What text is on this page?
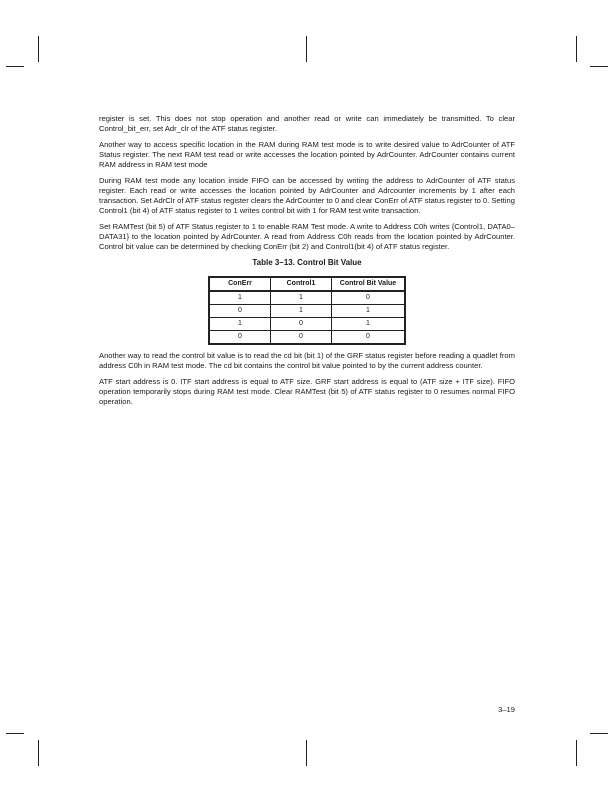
register is set. This does not stop operation and another read or write can immediately be transmitted. To clear Control_bit_err, set Adr_clr of the ATF status register.

Another way to access specific location in the RAM during RAM test mode is to write desired value to AdrCounter of ATF Status register. The next RAM test read or write accesses the location pointed by AdrCounter. AdrCounter contains current RAM address in RAM test mode

During RAM test mode any location inside FIFO can be accessed by writing the address to AdrCounter of ATF status register. Each read or write accesses the location pointed by AdrCounter and Adrcounter increments by 1 after each transaction. Set AdrClr of ATF status register clears the AdrCounter to 0 and clear ConErr of ATF status register to 0. Setting Control1 (bit 4) of ATF status register to 1 writes control bit with 1 for RAM test write transaction.

Set RAMTest (bit 5) of ATF Status register to 1 to enable RAM Test mode. A write to Address C0h writes {Control1, DATA0–DATA31} to the location pointed by AdrCounter. A read from Address C0h reads from the location pointed by AdrCounter. Control bit value can be determined by checking ConErr (bit 2) and Control1(bit 4) of ATF status register.

Table 3–13. Control Bit Value
ConErr	Control1	Control Bit Value
1	1	0
0	1	1
1	0	1
0	0	0

Another way to read the control bit value is to read the cd bit (bit 1) of the GRF status register before reading a quadlet from address C0h in RAM test mode. The cd bit contains the control bit value pointed to by the current address counter.

ATF start address is 0. ITF start address is equal to ATF size. GRF start address is equal to (ATF size + ITF size). FIFO operation temporarily stops during RAM test mode. Clear RAMTest (bit 5) of ATF status register to 0 resumes normal FIFO operation.

3–19
